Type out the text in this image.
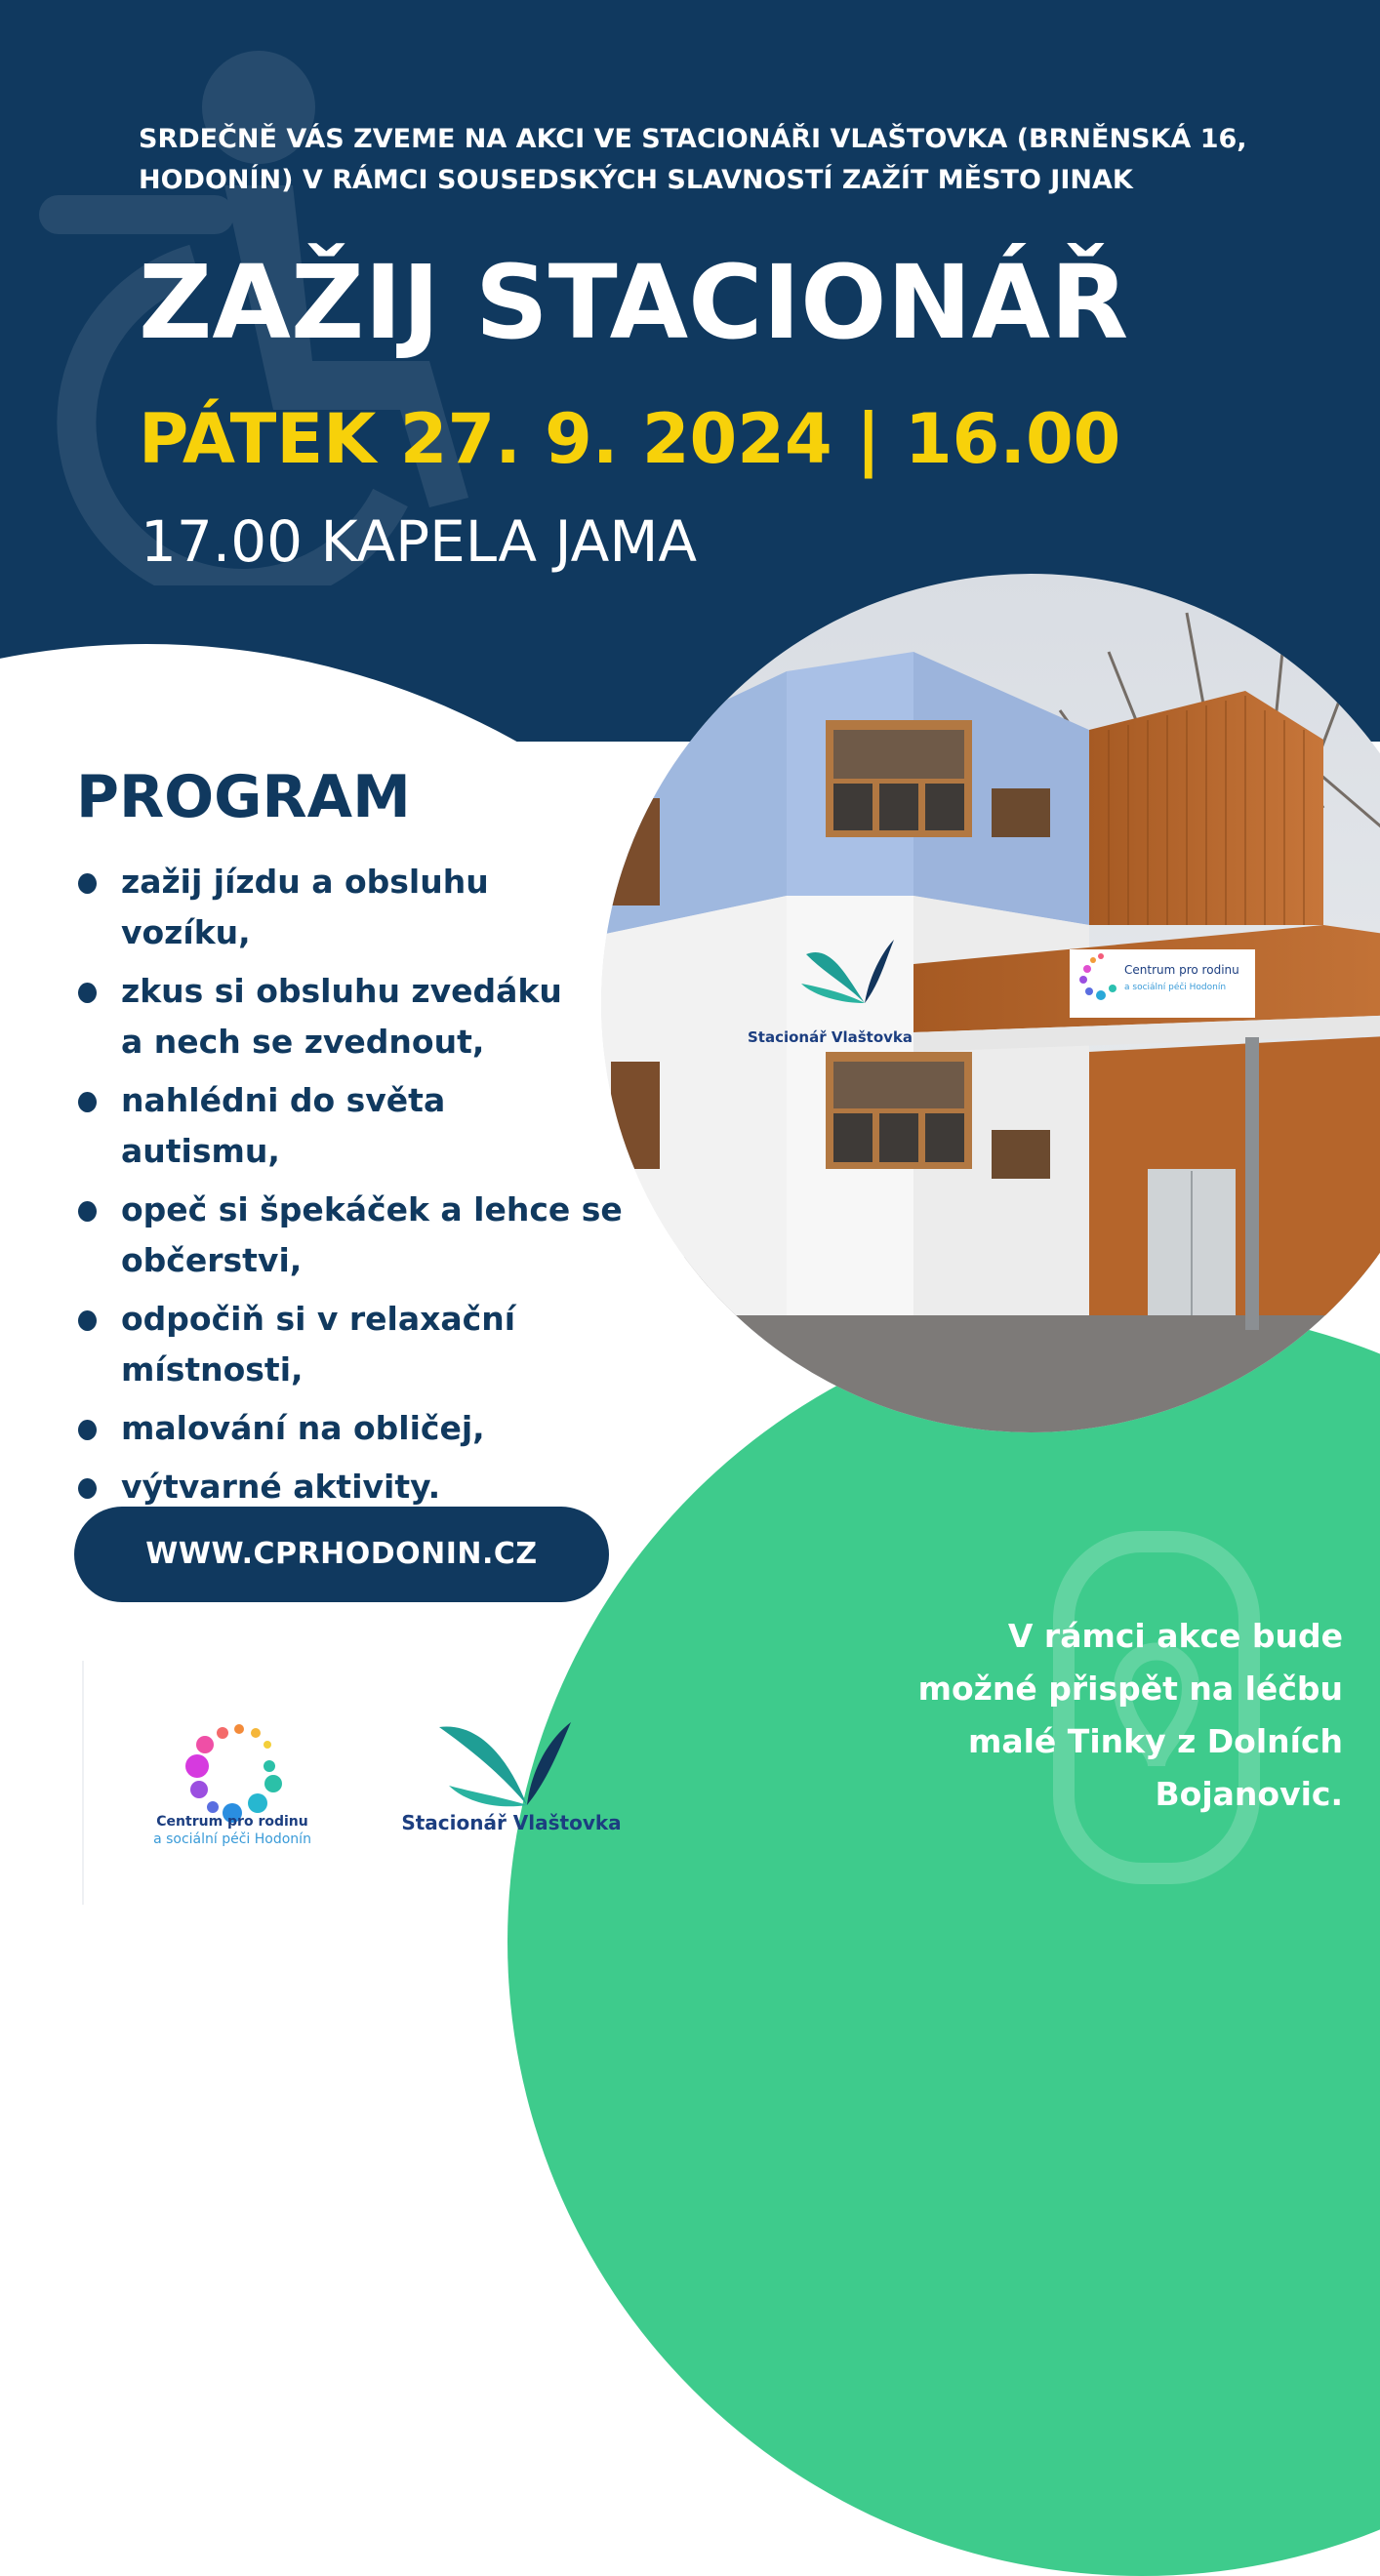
SRDEČNĚ VÁS ZVEME NA AKCI VE STACIONÁŘI VLAŠTOVKA (BRNĚNSKÁ 16, HODONÍN) V RÁMCI SOUSEDSKÝCH SLAVNOSTÍ ZAŽÍT MĚSTO JINAK
ZAŽIJ STACIONÁŘ
PÁTEK 27. 9. 2024 | 16.00
17.00 KAPELA JAMA
Stacionář Vlaštovka
Centrum pro rodinu
a sociální péči Hodonín
PROGRAM
zažij jízdu a obsluhu vozíku,
zkus si obsluhu zvedáku
a nech se zvednout,
nahlédni do světa
autismu,
opeč si špekáček a lehce se
občerstvi,
odpočiň si v relaxační
místnosti,
malování na obličej,
výtvarné aktivity.
WWW.CPRHODONIN.CZ
V rámci akce bude
možné přispět na léčbu
malé Tinky z Dolních
Bojanovic.
Centrum pro rodinu
a sociální péči Hodonín
Stacionář Vlaštovka
